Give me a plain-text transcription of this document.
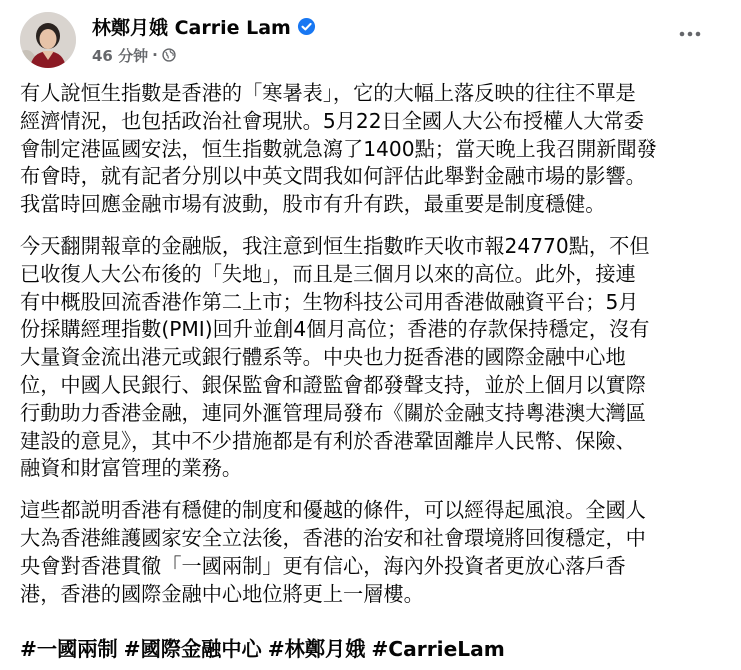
林鄭月娥 Carrie Lam
46 分钟 ·
有人說恒生指數是香港的「寒暑表」，它的大幅上落反映的往往不單是
經濟情況，也包括政治社會現狀。5月22日全國人大公布授權人大常委
會制定港區國安法，恒生指數就急瀉了1400點；當天晚上我召開新聞發
布會時，就有記者分別以中英文問我如何評估此舉對金融市場的影響。
我當時回應金融市場有波動，股市有升有跌，最重要是制度穩健。
今天翻開報章的金融版，我注意到恒生指數昨天收市報24770點，不但
已收復人大公布後的「失地」，而且是三個月以來的高位。此外，接連
有中概股回流香港作第二上市；生物科技公司用香港做融資平台；5月
份採購經理指數(PMI)回升並創4個月高位；香港的存款保持穩定，沒有
大量資金流出港元或銀行體系等。中央也力挺香港的國際金融中心地
位，中國人民銀行、銀保監會和證監會都發聲支持，並於上個月以實際
行動助力香港金融，連同外滙管理局發布《關於金融支持粵港澳大灣區
建設的意見》，其中不少措施都是有利於香港鞏固離岸人民幣、保險、
融資和財富管理的業務。
這些都説明香港有穩健的制度和優越的條件，可以經得起風浪。全國人
大為香港維護國家安全立法後，香港的治安和社會環境將回復穩定，中
央會對香港貫徹「一國兩制」更有信心，海內外投資者更放心落戶香
港，香港的國際金融中心地位將更上一層樓。
#一國兩制 #國際金融中心 #林鄭月娥 #CarrieLam
